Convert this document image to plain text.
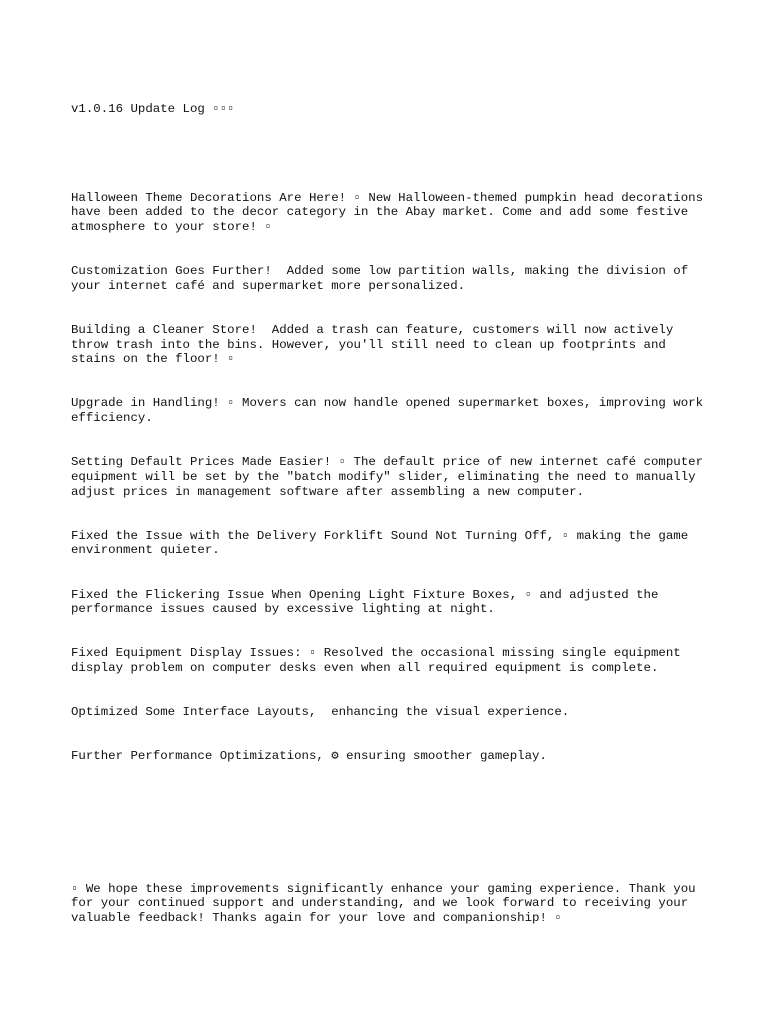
v1.0.16 Update Log ▫▫▫

Halloween Theme Decorations Are Here! ▫ New Halloween-themed pumpkin head decorations have been added to the decor category in the Abay market. Come and add some festive atmosphere to your store! ▫

Customization Goes Further!  Added some low partition walls, making the division of your internet café and supermarket more personalized.

Building a Cleaner Store!  Added a trash can feature, customers will now actively throw trash into the bins. However, you'll still need to clean up footprints and stains on the floor! ▫

Upgrade in Handling! ▫ Movers can now handle opened supermarket boxes, improving work efficiency.

Setting Default Prices Made Easier! ▫ The default price of new internet café computer equipment will be set by the "batch modify" slider, eliminating the need to manually adjust prices in management software after assembling a new computer.

Fixed the Issue with the Delivery Forklift Sound Not Turning Off, ▫ making the game environment quieter.

Fixed the Flickering Issue When Opening Light Fixture Boxes, ▫ and adjusted the performance issues caused by excessive lighting at night.

Fixed Equipment Display Issues: ▫ Resolved the occasional missing single equipment display problem on computer desks even when all required equipment is complete.

Optimized Some Interface Layouts,  enhancing the visual experience.

Further Performance Optimizations, ⚙ ensuring smoother gameplay.

▫ We hope these improvements significantly enhance your gaming experience. Thank you for your continued support and understanding, and we look forward to receiving your valuable feedback! Thanks again for your love and companionship! ▫
